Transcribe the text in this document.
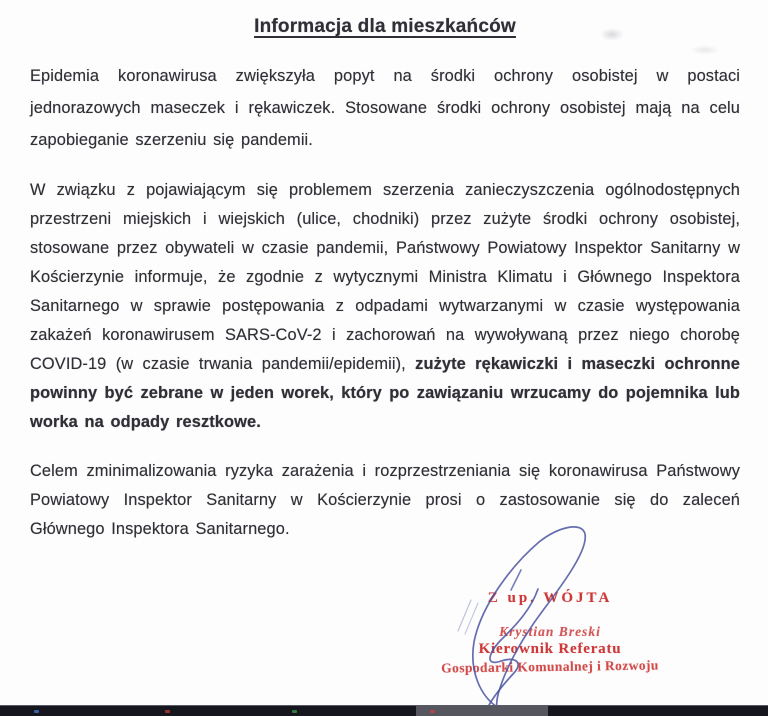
Informacja dla mieszkańców

Epidemia koronawirusa zwiększyła popyt na środki ochrony osobistej w postaci jednorazowych maseczek i rękawiczek. Stosowane środki ochrony osobistej mają na celu zapobieganie szerzeniu się pandemii.

W związku z pojawiającym się problemem szerzenia zanieczyszczenia ogólnodostępnych przestrzeni miejskich i wiejskich (ulice, chodniki) przez zużyte środki ochrony osobistej, stosowane przez obywateli w czasie pandemii, Państwowy Powiatowy Inspektor Sanitarny w Kościerzynie informuje, że zgodnie z wytycznymi Ministra Klimatu i Głównego Inspektora Sanitarnego w sprawie postępowania z odpadami wytwarzanymi w czasie występowania zakażeń koronawirusem SARS-CoV-2 i zachorowań na wywoływaną przez niego chorobę COVID-19 (w czasie trwania pandemii/epidemii), zużyte rękawiczki i maseczki ochronne powinny być zebrane w jeden worek, który po zawiązaniu wrzucamy do pojemnika lub worka na odpady resztkowe.

Celem zminimalizowania ryzyka zarażenia i rozprzestrzeniania się koronawirusa Państwowy Powiatowy Inspektor Sanitarny w Kościerzynie prosi o zastosowanie się do zaleceń Głównego Inspektora Sanitarnego.

Z up. WÓJTA
Krystian Breski
Kierownik Referatu
Gospodarki Komunalnej i Rozwoju
